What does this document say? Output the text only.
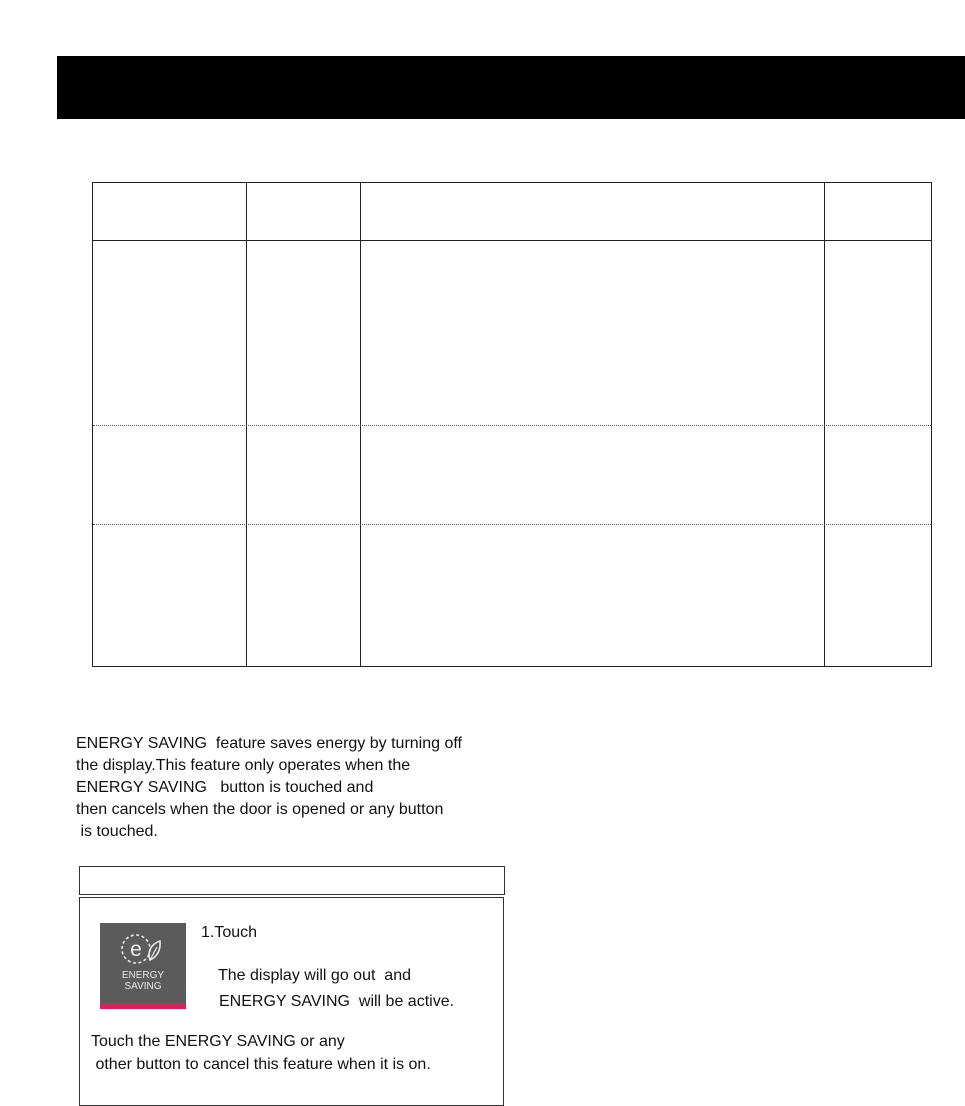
ENERGY SAVING  feature saves energy by turning off
the display.This feature only operates when the
ENERGY SAVING   button is touched and
then cancels when the door is opened or any button
is touched.
e
ENERGY
SAVING
1.Touch
The display will go out  and
ENERGY SAVING  will be active.
Touch the ENERGY SAVING or any
other button to cancel this feature when it is on.
